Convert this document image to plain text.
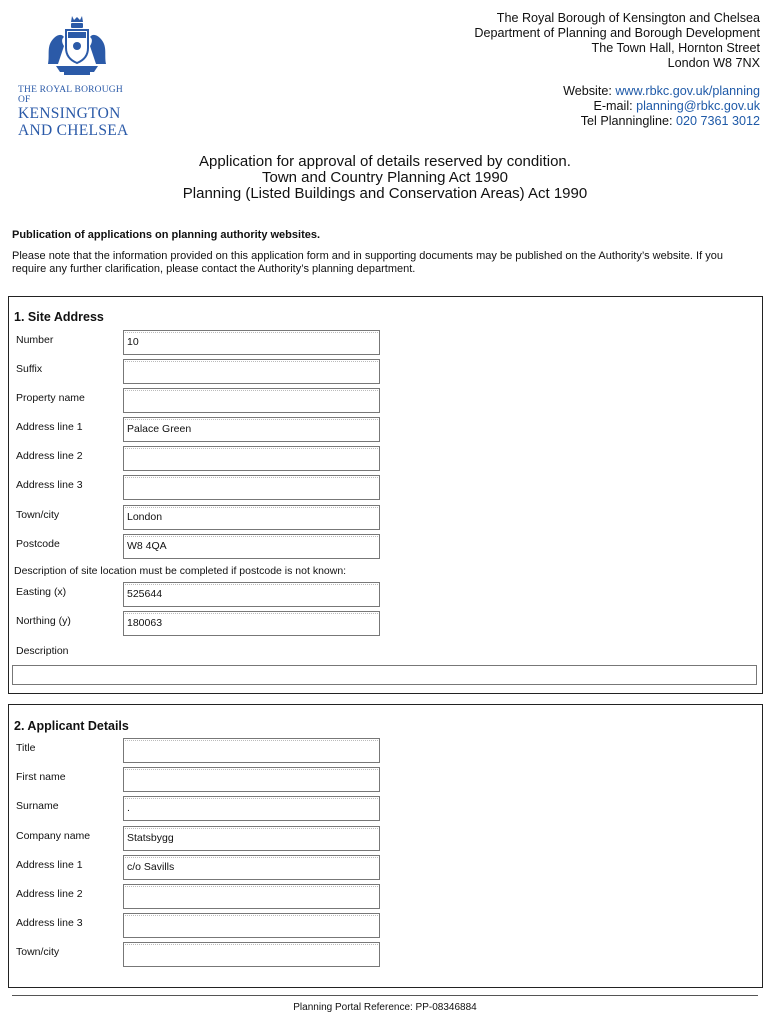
THE ROYAL BOROUGH OF
KENSINGTON
AND CHELSEA
The Royal Borough of Kensington and Chelsea
Department of Planning and Borough Development
The Town Hall, Hornton Street
London W8 7NX
Website: www.rbkc.gov.uk/planning
E-mail: planning@rbkc.gov.uk
Tel Planningline: 020 7361 3012
Application for approval of details reserved by condition.
Town and Country Planning Act 1990
Planning (Listed Buildings and Conservation Areas) Act 1990
Publication of applications on planning authority websites.
Please note that the information provided on this application form and in supporting documents may be published on the Authority’s website. If you require any further clarification, please contact the Authority’s planning department.
1. Site Address
Number	10
Suffix
Property name
Address line 1	Palace Green
Address line 2
Address line 3
Town/city	London
Postcode	W8 4QA
Description of site location must be completed if postcode is not known:
Easting (x)	525644
Northing (y)	180063
Description
2. Applicant Details
Title
First name
Surname	.
Company name	Statsbygg
Address line 1	c/o Savills
Address line 2
Address line 3
Town/city
Planning Portal Reference: PP-08346884
